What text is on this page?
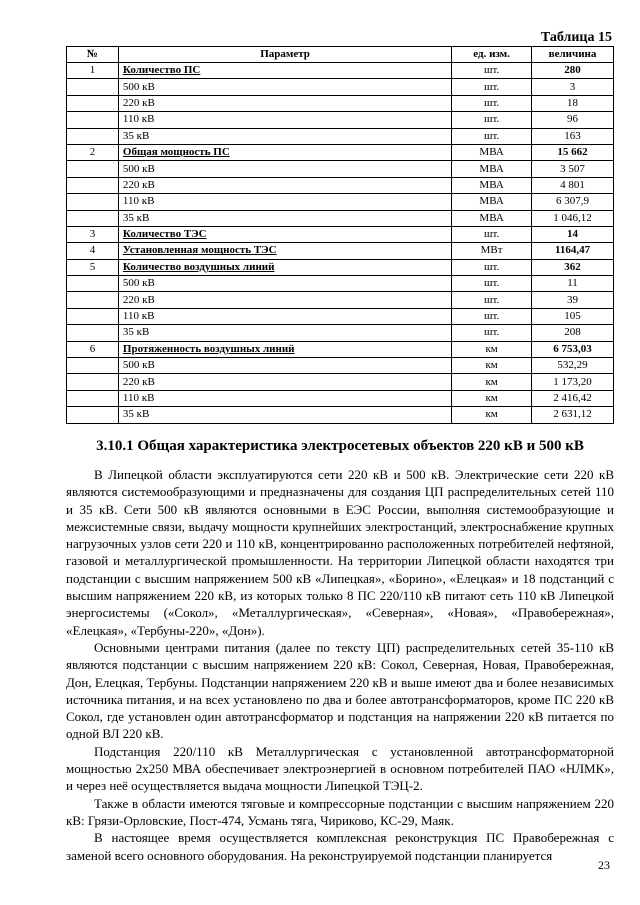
Таблица 15
№	Параметр	ед. изм.	величина
1	Количество ПС	шт.	280
	500 кВ	шт.	3
	220 кВ	шт.	18
	110 кВ	шт.	96
	35 кВ	шт.	163
2	Общая мощность ПС	МВА	15 662
	500 кВ	МВА	3 507
	220 кВ	МВА	4 801
	110 кВ	МВА	6 307,9
	35 кВ	МВА	1 046,12
3	Количество ТЭС	шт.	14
4	Установленная мощность ТЭС	МВт	1164,47
5	Количество воздушных линий	шт.	362
	500 кВ	шт.	11
	220 кВ	шт.	39
	110 кВ	шт.	105
	35 кВ	шт.	208
6	Протяженность воздушных линий	км	6 753,03
	500 кВ	км	532,29
	220 кВ	км	1 173,20
	110 кВ	км	2 416,42
	35 кВ	км	2 631,12
3.10.1 Общая характеристика электросетевых объектов 220 кВ и 500 кВ

В Липецкой области эксплуатируются сети 220 кВ и 500 кВ. Электрические сети 220 кВ являются системообразующими и предназначены для создания ЦП распределительных сетей 110 и 35 кВ. Сети 500 кВ являются основными в ЕЭС России, выполняя системообразующие и межсистемные связи, выдачу мощности крупнейших электростанций, электроснабжение крупных нагрузочных узлов сети 220 и 110 кВ, концентрированно расположенных потребителей нефтяной, газовой и металлургической промышленности. На территории Липецкой области находятся три подстанции с высшим напряжением 500 кВ «Липецкая», «Борино», «Елецкая» и 18 подстанций с высшим напряжением 220 кВ, из которых только 8 ПС 220/110 кВ питают сеть 110 кВ Липецкой энергосистемы («Сокол», «Металлургическая», «Северная», «Новая», «Правобережная», «Елецкая», «Тербуны-220», «Дон»).

Основными центрами питания (далее по тексту ЦП) распределительных сетей 35-110 кВ являются подстанции с высшим напряжением 220 кВ: Сокол, Северная, Новая, Правобережная, Дон, Елецкая, Тербуны. Подстанции напряжением 220 кВ и выше имеют два и более независимых источника питания, и на всех установлено по два и более автотрансформаторов, кроме ПС 220 кВ Сокол, где установлен один автотрансформатор и подстанция на напряжении 220 кВ питается по одной ВЛ 220 кВ.

Подстанция 220/110 кВ Металлургическая с установленной автотрансформаторной мощностью 2х250 МВА обеспечивает электроэнергией в основном потребителей ПАО «НЛМК», и через неё осуществляется выдача мощности Липецкой ТЭЦ-2.

Также в области имеются тяговые и компрессорные подстанции с высшим напряжением 220 кВ: Грязи-Орловские, Пост-474, Усмань тяга, Чириково, КС-29, Маяк.

В настоящее время осуществляется комплексная реконструкция ПС Правобережная с заменой всего основного оборудования. На реконструируемой подстанции планируется

23
